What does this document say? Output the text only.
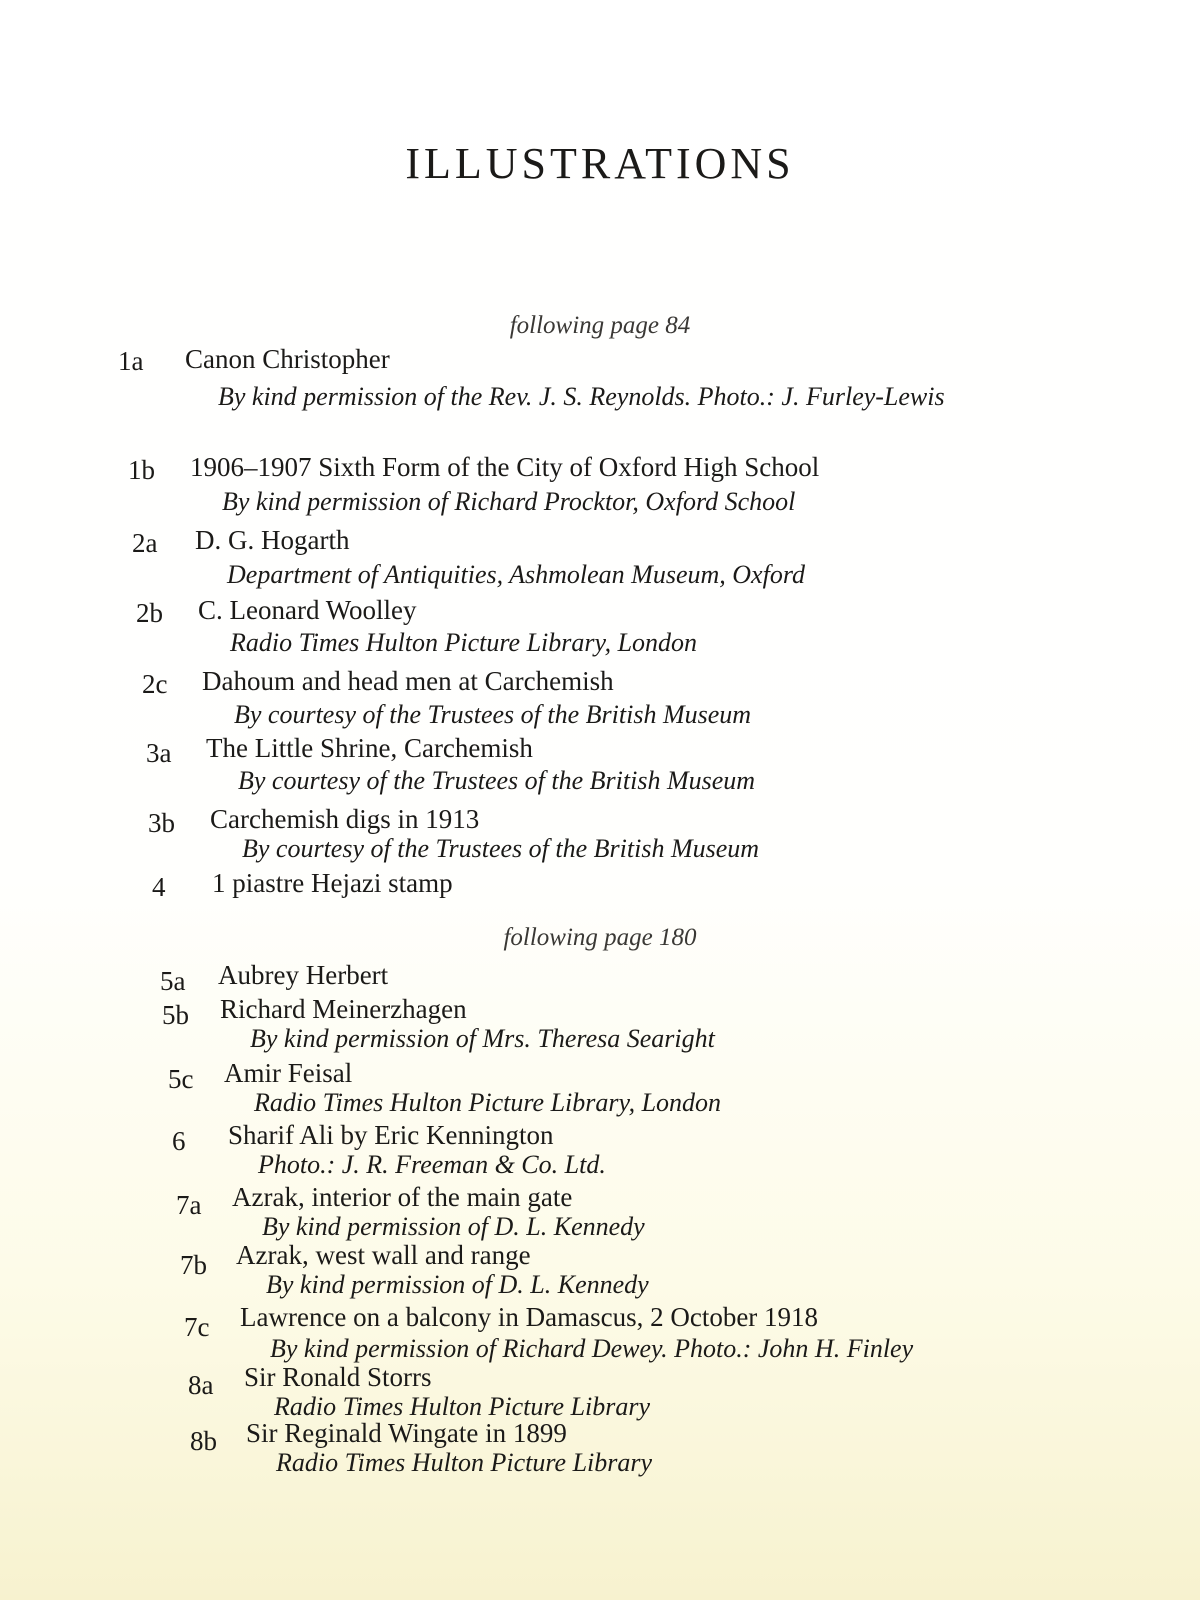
ILLUSTRATIONS
following page 84
1a Canon Christopher
By kind permission of the Rev. J. S. Reynolds. Photo.: J. Furley-Lewis
1b 1906–1907 Sixth Form of the City of Oxford High School
By kind permission of Richard Procktor, Oxford School
2a D. G. Hogarth
Department of Antiquities, Ashmolean Museum, Oxford
2b C. Leonard Woolley
Radio Times Hulton Picture Library, London
2c Dahoum and head men at Carchemish
By courtesy of the Trustees of the British Museum
3a The Little Shrine, Carchemish
By courtesy of the Trustees of the British Museum
3b Carchemish digs in 1913
By courtesy of the Trustees of the British Museum
4 1 piastre Hejazi stamp
following page 180
5a Aubrey Herbert
5b Richard Meinerzhagen
By kind permission of Mrs. Theresa Searight
5c Amir Feisal
Radio Times Hulton Picture Library, London
6 Sharif Ali by Eric Kennington
Photo.: J. R. Freeman & Co. Ltd.
7a Azrak, interior of the main gate
By kind permission of D. L. Kennedy
7b Azrak, west wall and range
By kind permission of D. L. Kennedy
7c Lawrence on a balcony in Damascus, 2 October 1918
By kind permission of Richard Dewey. Photo.: John H. Finley
8a Sir Ronald Storrs
Radio Times Hulton Picture Library
8b Sir Reginald Wingate in 1899
Radio Times Hulton Picture Library
